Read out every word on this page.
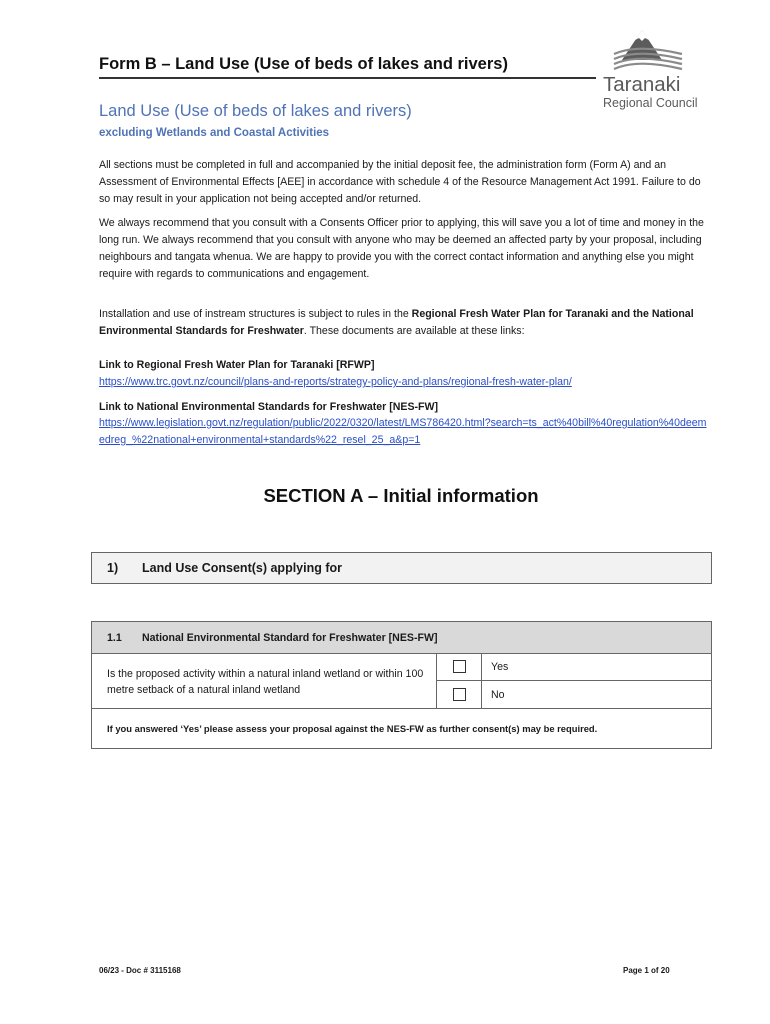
Form B – Land Use (Use of beds of lakes and rivers)
Taranaki
Regional Council
Land Use (Use of beds of lakes and rivers)
excluding Wetlands and Coastal Activities

All sections must be completed in full and accompanied by the initial deposit fee, the administration form (Form A) and an Assessment of Environmental Effects [AEE] in accordance with schedule 4 of the Resource Management Act 1991. Failure to do so may result in your application not being accepted and/or returned.

We always recommend that you consult with a Consents Officer prior to applying, this will save you a lot of time and money in the long run. We always recommend that you consult with anyone who may be deemed an affected party by your proposal, including neighbours and tangata whenua. We are happy to provide you with the correct contact information and anything else you might require with regards to communications and engagement.

Installation and use of instream structures is subject to rules in the Regional Fresh Water Plan for Taranaki and the National Environmental Standards for Freshwater. These documents are available at these links:

Link to Regional Fresh Water Plan for Taranaki [RFWP]
https://www.trc.govt.nz/council/plans-and-reports/strategy-policy-and-plans/regional-fresh-water-plan/
Link to National Environmental Standards for Freshwater [NES-FW]
https://www.legislation.govt.nz/regulation/public/2022/0320/latest/LMS786420.html?search=ts_act%40bill%40regulation%40deemedreg_%22national+environmental+standards%22_resel_25_a&p=1
SECTION A – Initial information
1) Land Use Consent(s) applying for
1.1 National Environmental Standard for Freshwater [NES-FW]
Is the proposed activity within a natural inland wetland or within 100 metre setback of a natural inland wetland
Yes
No
If you answered ‘Yes’ please assess your proposal against the NES-FW as further consent(s) may be required.
06/23 - Doc # 3115168	Page 1 of 20
